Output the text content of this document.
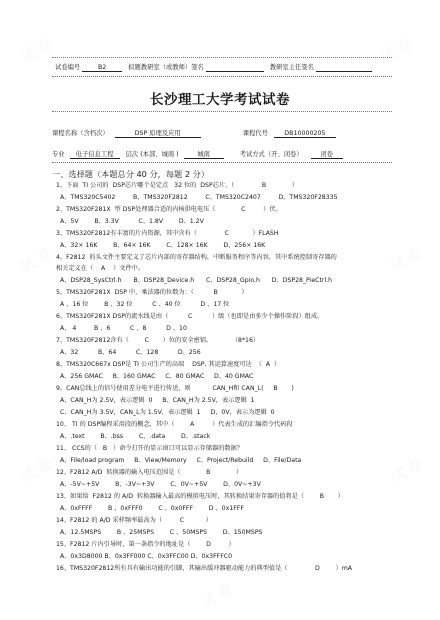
试卷编号	B2	拟题教研室（或教师）签名	教研室主任签名
长沙理工大学考试试卷
课程名称（含档次）	DSP 原理及应用	课程代号	DB10000205
专业 电子信息工程 层次 (本部、城南 )	城南	考试方式（开、闭卷）	闭卷
一、选择题（本题总分 40 分，每题 2 分）
1、下面  TI 公司的  DSP芯片哪个是定点   32 位的  DSP芯片，（              B             ）
A、TMS320C5402         B、TMS320F2812         C、TMS320C2407         D、TMS320F28335
2、TMS320F281X  型 DSP处理器合适的内核供电电压（             C         ）伏。
A、5V        B、3.3V          C、1.8V        D、1.2V
3、TMS320F2812有丰富的片内资源，其中含有（              C            ）FLASH
A、32× 16K        B、64× 16K        C、128× 16K        D、256× 16K
4、F2812  的头文件主要定义了芯片内部的寄存器结构，中断服务程序等内容，其中系统控制寄存器的
相关定义在（    A    ）文件中。
A、DSP28_SysCtrl.h      B、DSP28_Device.h      C、DSP28_Gpio.h      D、DSP28_PieCtrl.h
5、TMS320F281X  DSP 中，乘法器的位数为：（          B            ）
A 、16 位        B 、32 位          C 、40 位          D 、17 位
6、TMS320F281X DSP的流水线是由（          C          ）级（也即是由多少个操作阶段）组成。
A、 4         B 、6          C 、8          D 、10
7、TMS320F2812含有（        C       ）位的安全密钥。          （8*16）
A、32          B、64          C、128          D、256
8、TMS320C667x DSP是 TI 公司生产的高端    DSP, 其运算速度可达  （  A  ）
A、256 GMAC     B、160 GMAC     C、80 GMAC     D、40 GMAC
9、CAN总线上的信号使用差分电平进行传送，则           CAN_H和 CAN_L(     B       )
A、CAN_H为 2.5V，表示逻辑  0     B、CAN_H为 2.5V，表示逻辑  1
C、CAN_H为 3.5V，CAN_L为 1.5V，表示逻辑  1     D、0V，表示为逻辑  0
10、 TI 的 DSP编程采用段的概念，其中（        A         ）代表生成的汇编指令代码段
A、.text        B、.bss        C、.data        D、.stack
11、 CCS的（   B   ）命令打开的显示窗口可以显示存储器的数据？
A、File/load program     B、View/Memory     C、Project/Rebuild     D、File/Data
12、F2812 A/D  转换器的输入电压范围是（             B             ）
A、-5V~+5V        B、-3V~+3V        C、0V~+5V        D、0V~+3V
13、如果给  F2812 的 A/D  转换器输入最高的模拟电压时，其转换结果寄存器的值将是（        B       ）
A、0xFFFF        B 、0xFFF0        C 、0x0FFF        D 、0x1FFF
14、F2812 的 A/D 采样频率最高为（         C           ）
A、12.5MSPS        B 、25MSPS        C 、50MSPS        D、150MSPS
15、F2812 片内引导时，第一条指令的地址是（        D         ）
A、0x3D8000 B、0x3FF000 C、0x3FFC00 D、0x3FFFC0
16、TMS320F2812所有具有输出功能的引脚，其输出缓冲器驱动能力的典型值是（              D        ）mA
